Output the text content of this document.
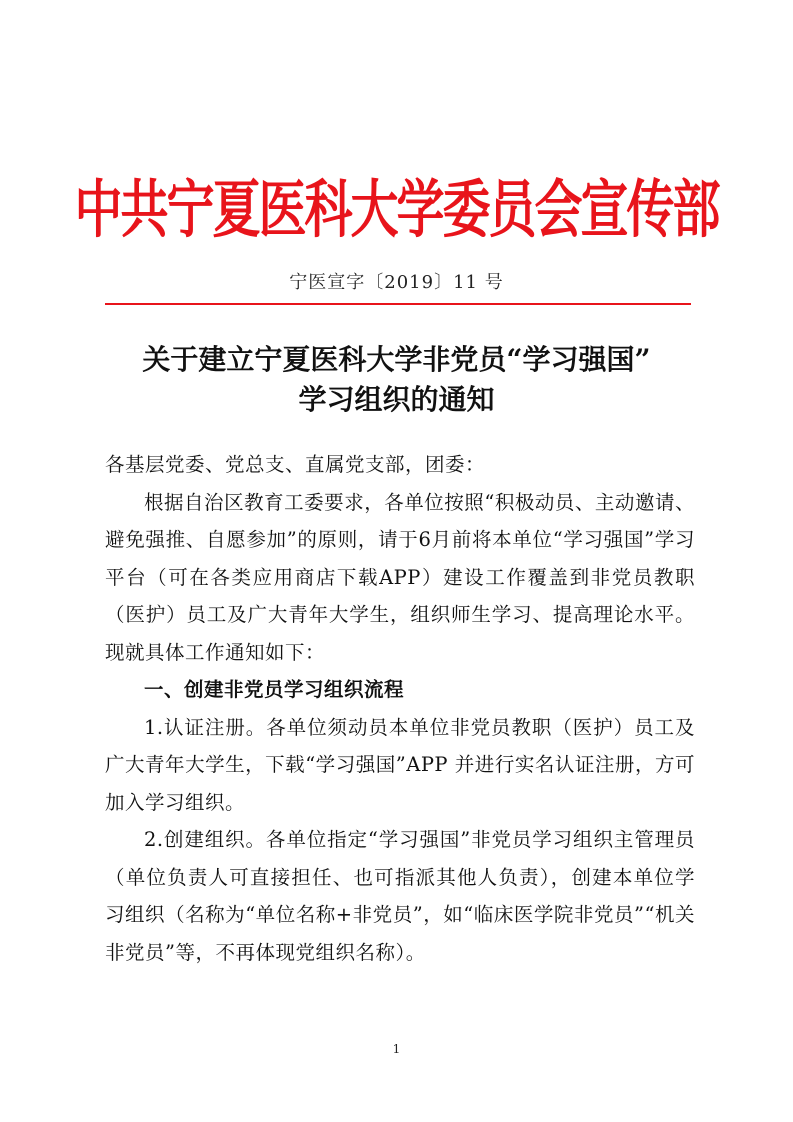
中共宁夏医科大学委员会宣传部
宁医宣字〔2019〕11 号
关于建立宁夏医科大学非党员“学习强国”
学习组织的通知

各基层党委、党总支、直属党支部，团委：

根据自治区教育工委要求，各单位按照“积极动员、主动邀请、避免强推、自愿参加”的原则，请于6月前将本单位“学习强国”学习平台（可在各类应用商店下载APP）建设工作覆盖到非党员教职（医护）员工及广大青年大学生，组织师生学习、提高理论水平。现就具体工作通知如下：

一、创建非党员学习组织流程

1.认证注册。各单位须动员本单位非党员教职（医护）员工及广大青年大学生，下载“学习强国”APP 并进行实名认证注册，方可加入学习组织。

2.创建组织。各单位指定“学习强国”非党员学习组织主管理员（单位负责人可直接担任、也可指派其他人负责），创建本单位学习组织（名称为“单位名称+非党员”，如“临床医学院非党员”“机关非党员”等，不再体现党组织名称）。

1
